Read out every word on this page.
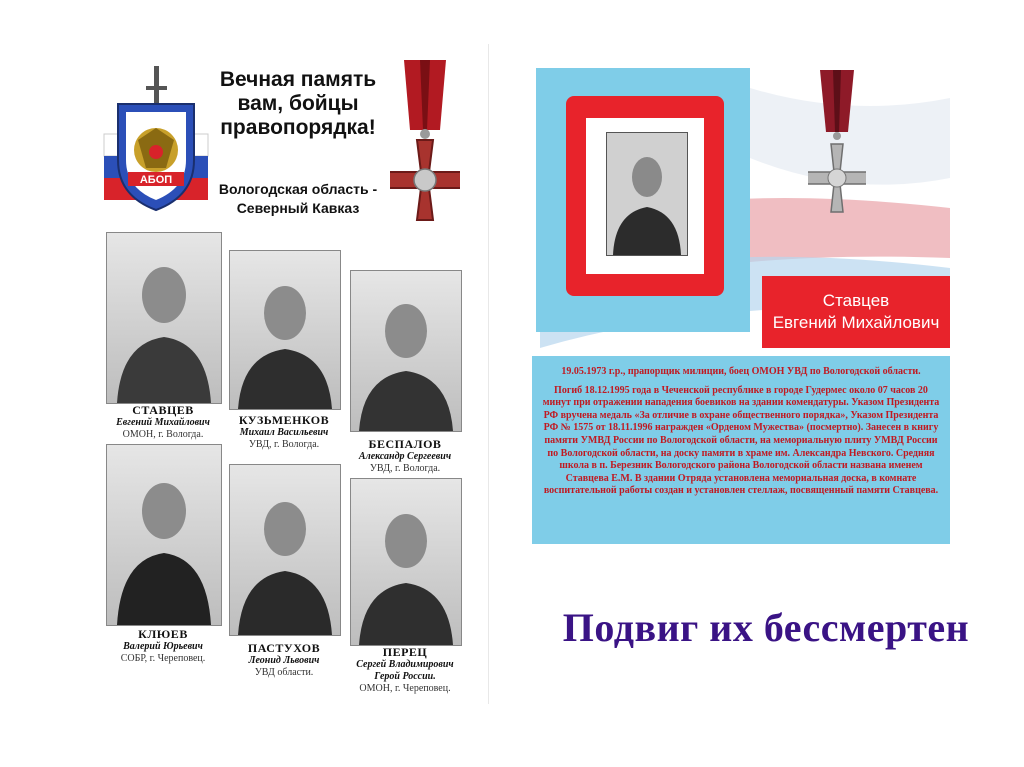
АБОП
Вечная память вам, бойцы правопорядка!
Вологодская область - Северный Кавказ
СТАВЦЕВ
Евгений Михайлович
ОМОН, г. Вологда.
КУЗЬМЕНКОВ
Михаил Васильевич
УВД, г. Вологда.	БЕСПАЛОВ
Александр Сергеевич
УВД, г. Вологда.
КЛЮЕВ
Валерий Юрьевич
СОБР, г. Череповец.
ПАСТУХОВ
Леонид Львович
УВД области.
ПЕРЕЦ
Сергей Владимирович
Герой России.
ОМОН, г. Череповец.
Ставцев
Евгений Михайлович

19.05.1973 г.р., прапорщик милиции, боец ОМОН УВД по Вологодской области.

Погиб 18.12.1995 года в Чеченской республике в городе Гудермес около 07 часов 20 минут при отражении нападения боевиков на здании комендатуры. Указом Президента РФ вручена медаль «За отличие в охране общественного порядка», Указом Президента РФ № 1575 от 18.11.1996 награжден «Орденом Мужества» (посмертно). Занесен в книгу памяти УМВД России по Вологодской области, на мемориальную плиту УМВД России по Вологодской области, на доску памяти в храме им. Александра Невского. Средняя школа в п. Березник Вологодского района Вологодской области названа именем Ставцева Е.М. В здании Отряда установлена мемориальная доска, в комнате воспитательной работы создан и установлен стеллаж, посвященный памяти Ставцева.

Подвиг их бессмертен
